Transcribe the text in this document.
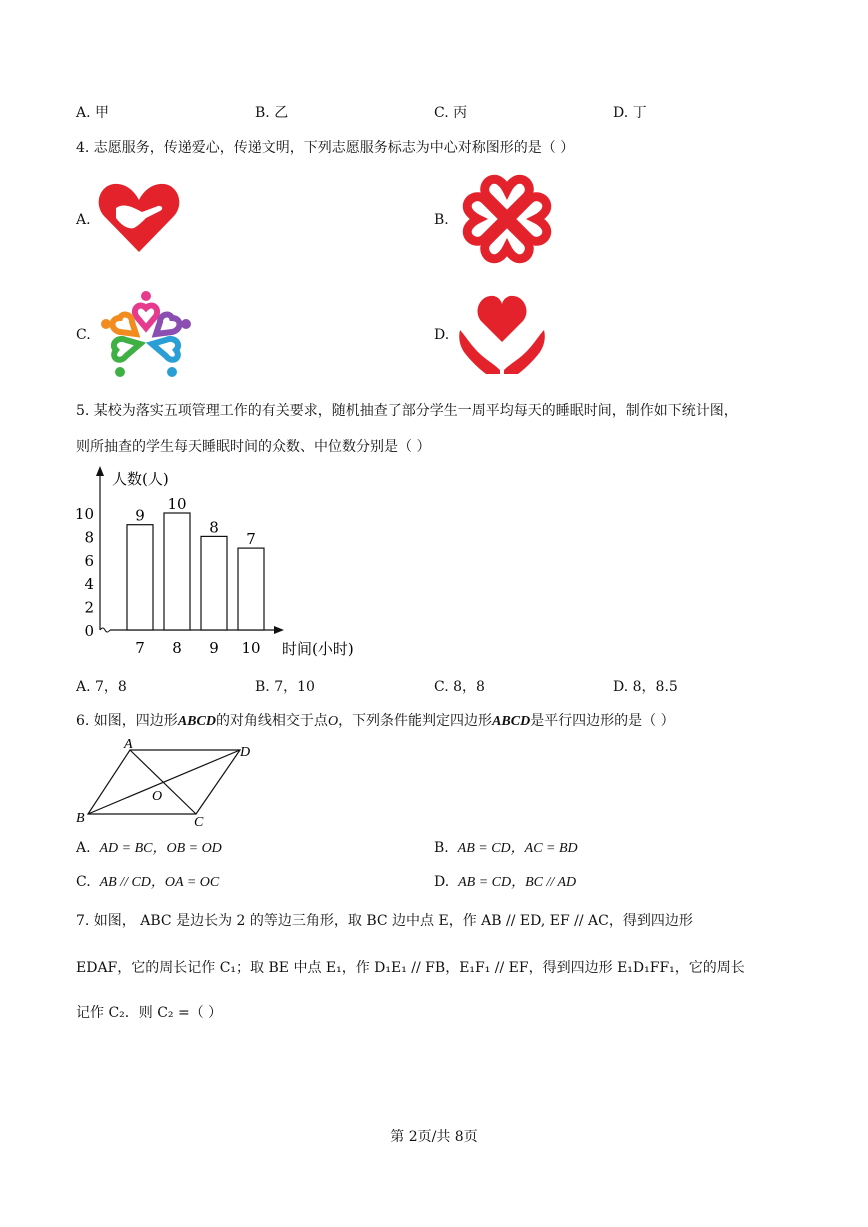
A. 甲	B. 乙	C. 丙	D. 丁
4. 志愿服务，传递爱心，传递文明，下列志愿服务标志为中心对称图形的是（ ）
A.	B.
C.	D.
5. 某校为落实五项管理工作的有关要求，随机抽查了部分学生一周平均每天的睡眠时间，制作如下统计图，
则所抽查的学生每天睡眠时间的众数、中位数分别是（ ）
人数(人)
时间(小时)
0
2
4
6
8
10	9
10
8
7
7 8 9 10
A. 7，8	B. 7，10	C. 8，8	D. 8，8.5
6. 如图，四边形ABCD的对角线相交于点O，下列条件能判定四边形ABCD是平行四边形的是（ ）
A
D
B	C
O
A. AD = BC，OB = OD	B. AB = CD，AC = BD
C. AB // CD，OA = OC	D. AB = CD，BC // AD
7. 如图， ABC 是边长为 2 的等边三角形，取 BC 边中点 E，作 AB // ED, EF // AC，得到四边形
EDAF，它的周长记作 C₁；取 BE 中点 E₁，作 D₁E₁ // FB，E₁F₁ // EF，得到四边形 E₁D₁FF₁，它的周长
记作 C₂．则 C₂ =（ ）
第 2页/共 8页
